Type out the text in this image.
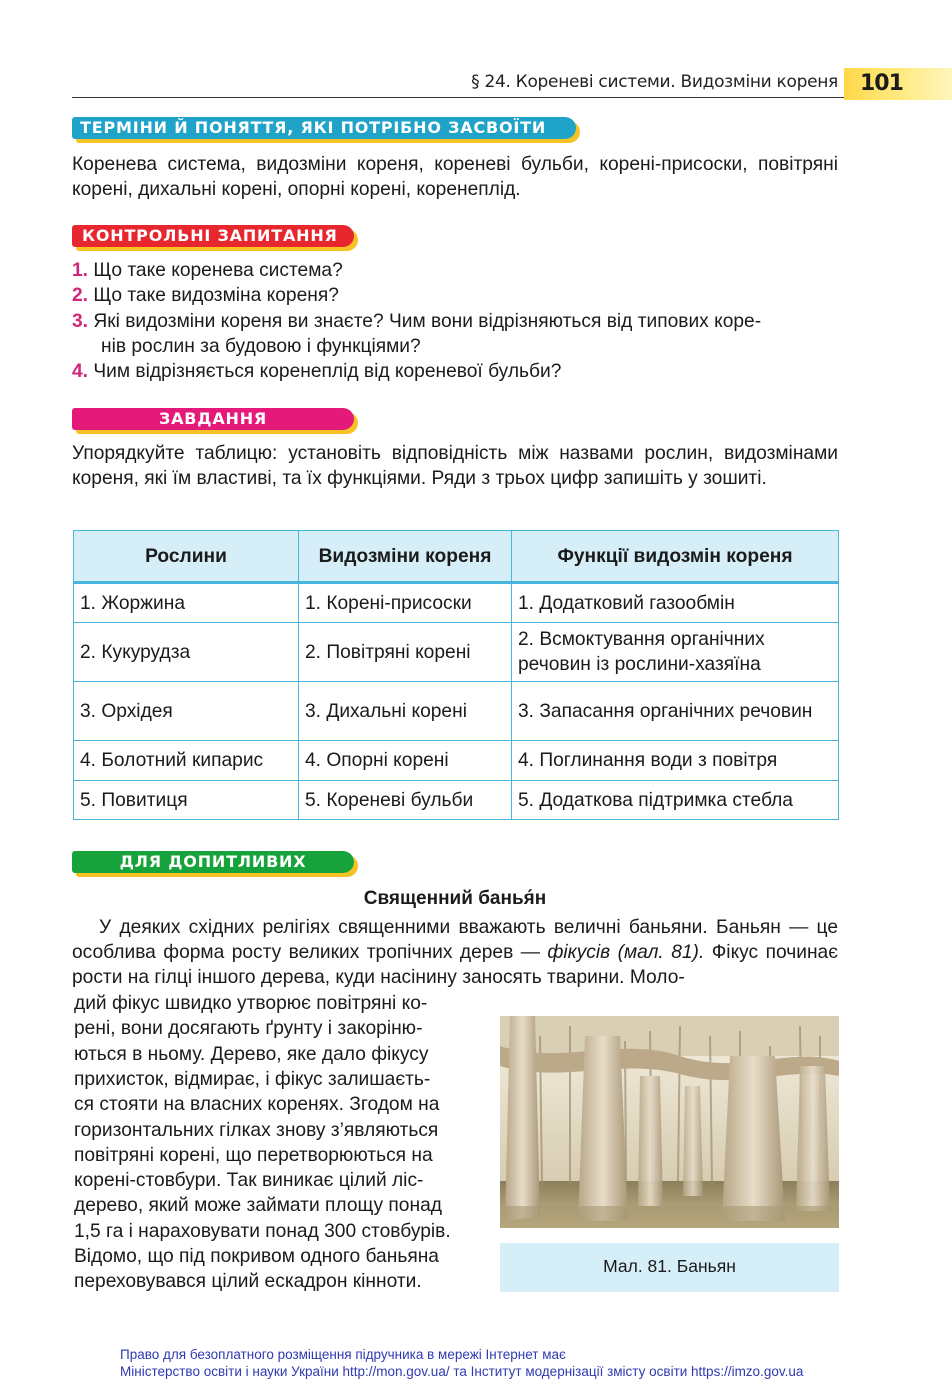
101
§ 24. Кореневі системи. Видозміни кореня
ТЕРМІНИ Й ПОНЯТТЯ, ЯКІ ПОТРІБНО ЗАСВОЇТИ
Коренева система, видозміни кореня, кореневі бульби, корені-присоски, повітряні корені, дихальні корені, опорні корені, коренеплід.
КОНТРОЛЬНІ ЗАПИТАННЯ
1. Що таке коренева система?
2. Що таке видозміна кореня?
3. Які видозміни кореня ви знаєте? Чим вони відрізняються від типових коре-
нів рослин за будовою і функціями?
4. Чим відрізняється коренеплід від кореневої бульби?
ЗАВДАННЯ
Упорядкуйте таблицю: установіть відповідність між назвами рослин, видозмінами кореня, які їм властиві, та їх функціями. Ряди з трьох цифр запишіть у зошиті.
Рослини	Видозміни кореня	Функції видозмін кореня
1. Жоржина	1. Корені-присоски	1. Додатковий газообмін
2. Кукурудза	2. Повітряні корені	2. Всмоктування органічних речовин із рослини-хазяїна
3. Орхідея	3. Дихальні корені	3. Запасання органічних речовин
4. Болотний кипарис	4. Опорні корені	4. Поглинання води з повітря
5. Повитиця	5. Кореневі бульби	5. Додаткова підтримка стебла
ДЛЯ ДОПИТЛИВИХ
Священний банья́н
У деяких східних релігіях священними вважають величні баньяни. Баньян — це особлива форма росту великих тропічних дерев — фікусів (мал. 81). Фікус починає рости на гілці іншого дерева, куди насінину заносять тварини. Моло-
дий фікус швидко утворює повітряні ко-
рені, вони досягають ґрунту і закоріню-
ються в ньому. Дерево, яке дало фікусу
прихисток, відмирає, і фікус залишаєть-
ся стояти на власних коренях. Згодом на
горизонтальних гілках знову з’являються
повітряні корені, що перетворюються на
корені-стовбури. Так виникає цілий ліс-
дерево, який може займати площу понад
1,5 га і нараховувати понад 300 стовбурів.
Відомо, що під покривом одного баньяна
переховувався цілий ескадрон кінноти.
Мал. 81. Баньян
Право для безоплатного розміщення підручника в мережі Інтернет має
Міністерство освіти і науки України http://mon.gov.ua/ та Інститут модернізації змісту освіти https://imzo.gov.ua
